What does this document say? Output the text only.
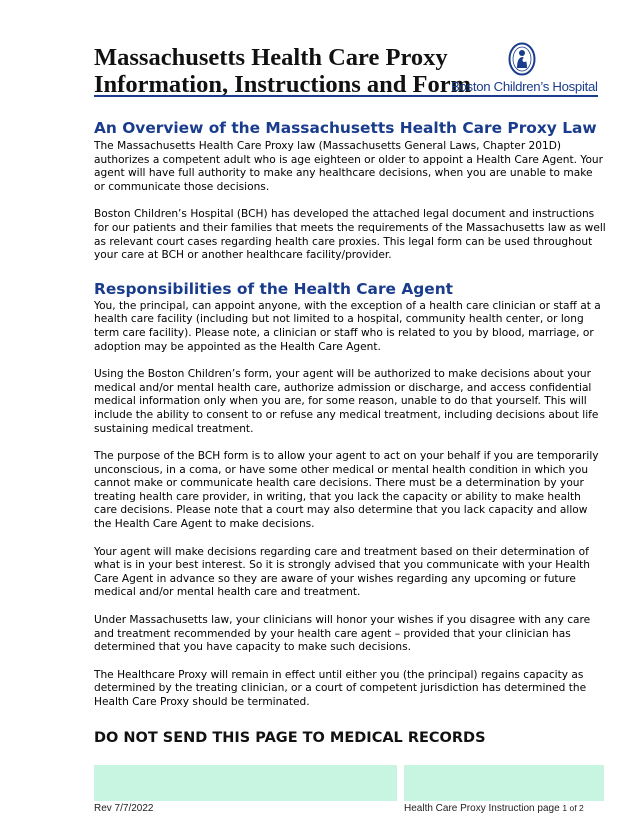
Massachusetts Health Care Proxy
Information, Instructions and Form
Boston Children’s Hospital
An Overview of the Massachusetts Health Care Proxy Law

The Massachusetts Health Care Proxy law (Massachusetts General Laws, Chapter 201D) authorizes a competent adult who is age eighteen or older to appoint a Health Care Agent. Your agent will have full authority to make any healthcare decisions, when you are unable to make or communicate those decisions.

Boston Children’s Hospital (BCH) has developed the attached legal document and instructions for our patients and their families that meets the requirements of the Massachusetts law as well as relevant court cases regarding health care proxies. This legal form can be used throughout your care at BCH or another healthcare facility/provider.

Responsibilities of the Health Care Agent

You, the principal, can appoint anyone, with the exception of a health care clinician or staff at a health care facility (including but not limited to a hospital, community health center, or long term care facility). Please note, a clinician or staff who is related to you by blood, marriage, or adoption may be appointed as the Health Care Agent.

Using the Boston Children’s form, your agent will be authorized to make decisions about your medical and/or mental health care, authorize admission or discharge, and access confidential medical information only when you are, for some reason, unable to do that yourself. This will include the ability to consent to or refuse any medical treatment, including decisions about life sustaining medical treatment.

The purpose of the BCH form is to allow your agent to act on your behalf if you are temporarily unconscious, in a coma, or have some other medical or mental health condition in which you cannot make or communicate health care decisions. There must be a determination by your treating health care provider, in writing, that you lack the capacity or ability to make health care decisions. Please note that a court may also determine that you lack capacity and allow the Health Care Agent to make decisions.

Your agent will make decisions regarding care and treatment based on their determination of what is in your best interest. So it is strongly advised that you communicate with your Health Care Agent in advance so they are aware of your wishes regarding any upcoming or future medical and/or mental health care and treatment.

Under Massachusetts law, your clinicians will honor your wishes if you disagree with any care and treatment recommended by your health care agent – provided that your clinician has determined that you have capacity to make such decisions.

The Healthcare Proxy will remain in effect until either you (the principal) regains capacity as determined by the treating clinician, or a court of competent jurisdiction has determined the Health Care Proxy should be terminated.

DO NOT SEND THIS PAGE TO MEDICAL RECORDS
Rev 7/7/2022	Health Care Proxy Instruction page 1 of 2
